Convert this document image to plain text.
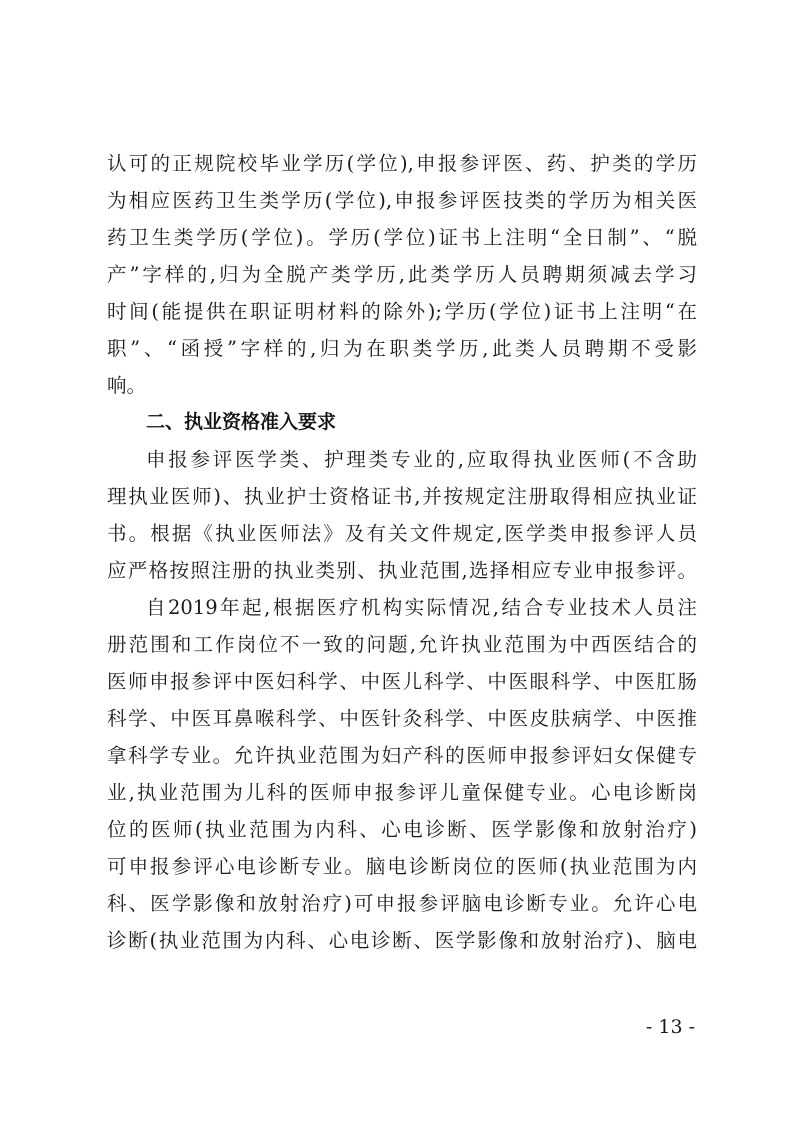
认可的正规院校毕业学历(学位),申报参评医、药、护类的学历
为相应医药卫生类学历(学位),申报参评医技类的学历为相关医
药卫生类学历(学位)。学历(学位)证书上注明“全日制”、“脱
产”字样的,归为全脱产类学历,此类学历人员聘期须减去学习
时间(能提供在职证明材料的除外);学历(学位)证书上注明“在
职”、“函授”字样的,归为在职类学历,此类人员聘期不受影
响。
二、执业资格准入要求
申报参评医学类、护理类专业的,应取得执业医师(不含助
理执业医师)、执业护士资格证书,并按规定注册取得相应执业证
书。根据《执业医师法》及有关文件规定,医学类申报参评人员
应严格按照注册的执业类别、执业范围,选择相应专业申报参评。
自2019年起,根据医疗机构实际情况,结合专业技术人员注
册范围和工作岗位不一致的问题,允许执业范围为中西医结合的
医师申报参评中医妇科学、中医儿科学、中医眼科学、中医肛肠
科学、中医耳鼻喉科学、中医针灸科学、中医皮肤病学、中医推
拿科学专业。允许执业范围为妇产科的医师申报参评妇女保健专
业,执业范围为儿科的医师申报参评儿童保健专业。心电诊断岗
位的医师(执业范围为内科、心电诊断、医学影像和放射治疗)
可申报参评心电诊断专业。脑电诊断岗位的医师(执业范围为内
科、医学影像和放射治疗)可申报参评脑电诊断专业。允许心电
诊断(执业范围为内科、心电诊断、医学影像和放射治疗)、脑电
- 13 -
